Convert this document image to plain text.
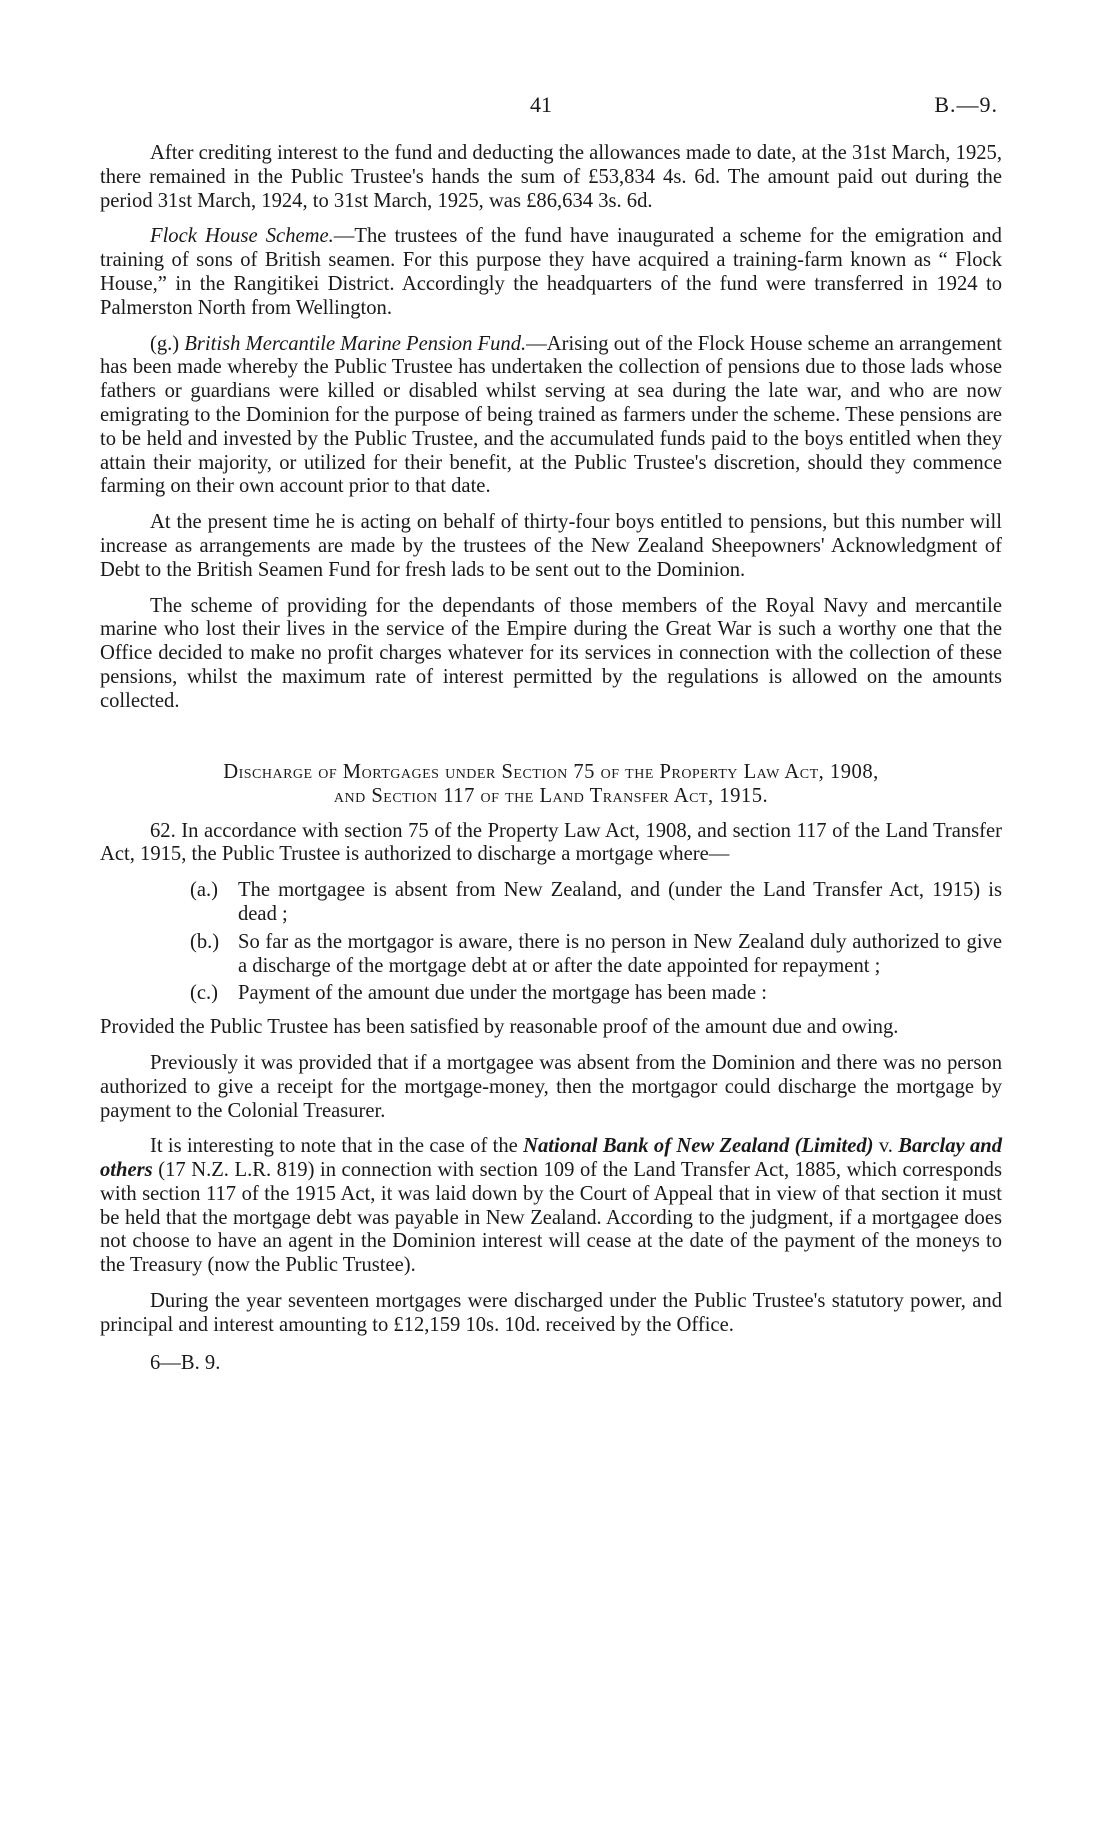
41	B.—9.

After crediting interest to the fund and deducting the allowances made to date, at the 31st March, 1925, there remained in the Public Trustee's hands the sum of £53,834 4s. 6d. The amount paid out during the period 31st March, 1924, to 31st March, 1925, was £86,634 3s. 6d.

Flock House Scheme.—The trustees of the fund have inaugurated a scheme for the emigration and training of sons of British seamen. For this purpose they have acquired a training-farm known as “ Flock House,” in the Rangitikei District. Accordingly the headquarters of the fund were transferred in 1924 to Palmerston North from Wellington.

(g.) British Mercantile Marine Pension Fund.—Arising out of the Flock House scheme an arrangement has been made whereby the Public Trustee has undertaken the collection of pensions due to those lads whose fathers or guardians were killed or disabled whilst serving at sea during the late war, and who are now emigrating to the Dominion for the purpose of being trained as farmers under the scheme. These pensions are to be held and invested by the Public Trustee, and the accumulated funds paid to the boys entitled when they attain their majority, or utilized for their benefit, at the Public Trustee's discretion, should they commence farming on their own account prior to that date.

At the present time he is acting on behalf of thirty-four boys entitled to pensions, but this number will increase as arrangements are made by the trustees of the New Zealand Sheepowners' Acknowledgment of Debt to the British Seamen Fund for fresh lads to be sent out to the Dominion.

The scheme of providing for the dependants of those members of the Royal Navy and mercantile marine who lost their lives in the service of the Empire during the Great War is such a worthy one that the Office decided to make no profit charges whatever for its services in connection with the collection of these pensions, whilst the maximum rate of interest permitted by the regulations is allowed on the amounts collected.

Discharge of Mortgages under Section 75 of the Property Law Act, 1908,
and Section 117 of the Land Transfer Act, 1915.

62. In accordance with section 75 of the Property Law Act, 1908, and section 117 of the Land Transfer Act, 1915, the Public Trustee is authorized to discharge a mortgage where—

(a.) The mortgagee is absent from New Zealand, and (under the Land Transfer Act, 1915) is dead ;
(b.) So far as the mortgagor is aware, there is no person in New Zealand duly authorized to give a discharge of the mortgage debt at or after the date appointed for repayment ;
(c.) Payment of the amount due under the mortgage has been made :

Provided the Public Trustee has been satisfied by reasonable proof of the amount due and owing.

Previously it was provided that if a mortgagee was absent from the Dominion and there was no person authorized to give a receipt for the mortgage-money, then the mortgagor could discharge the mortgage by payment to the Colonial Treasurer.

It is interesting to note that in the case of the National Bank of New Zealand (Limited) v. Barclay and others (17 N.Z. L.R. 819) in connection with section 109 of the Land Transfer Act, 1885, which corresponds with section 117 of the 1915 Act, it was laid down by the Court of Appeal that in view of that section it must be held that the mortgage debt was payable in New Zealand. According to the judgment, if a mortgagee does not choose to have an agent in the Dominion interest will cease at the date of the payment of the moneys to the Treasury (now the Public Trustee).

During the year seventeen mortgages were discharged under the Public Trustee's statutory power, and principal and interest amounting to £12,159 10s. 10d. received by the Office.

6—B. 9.
